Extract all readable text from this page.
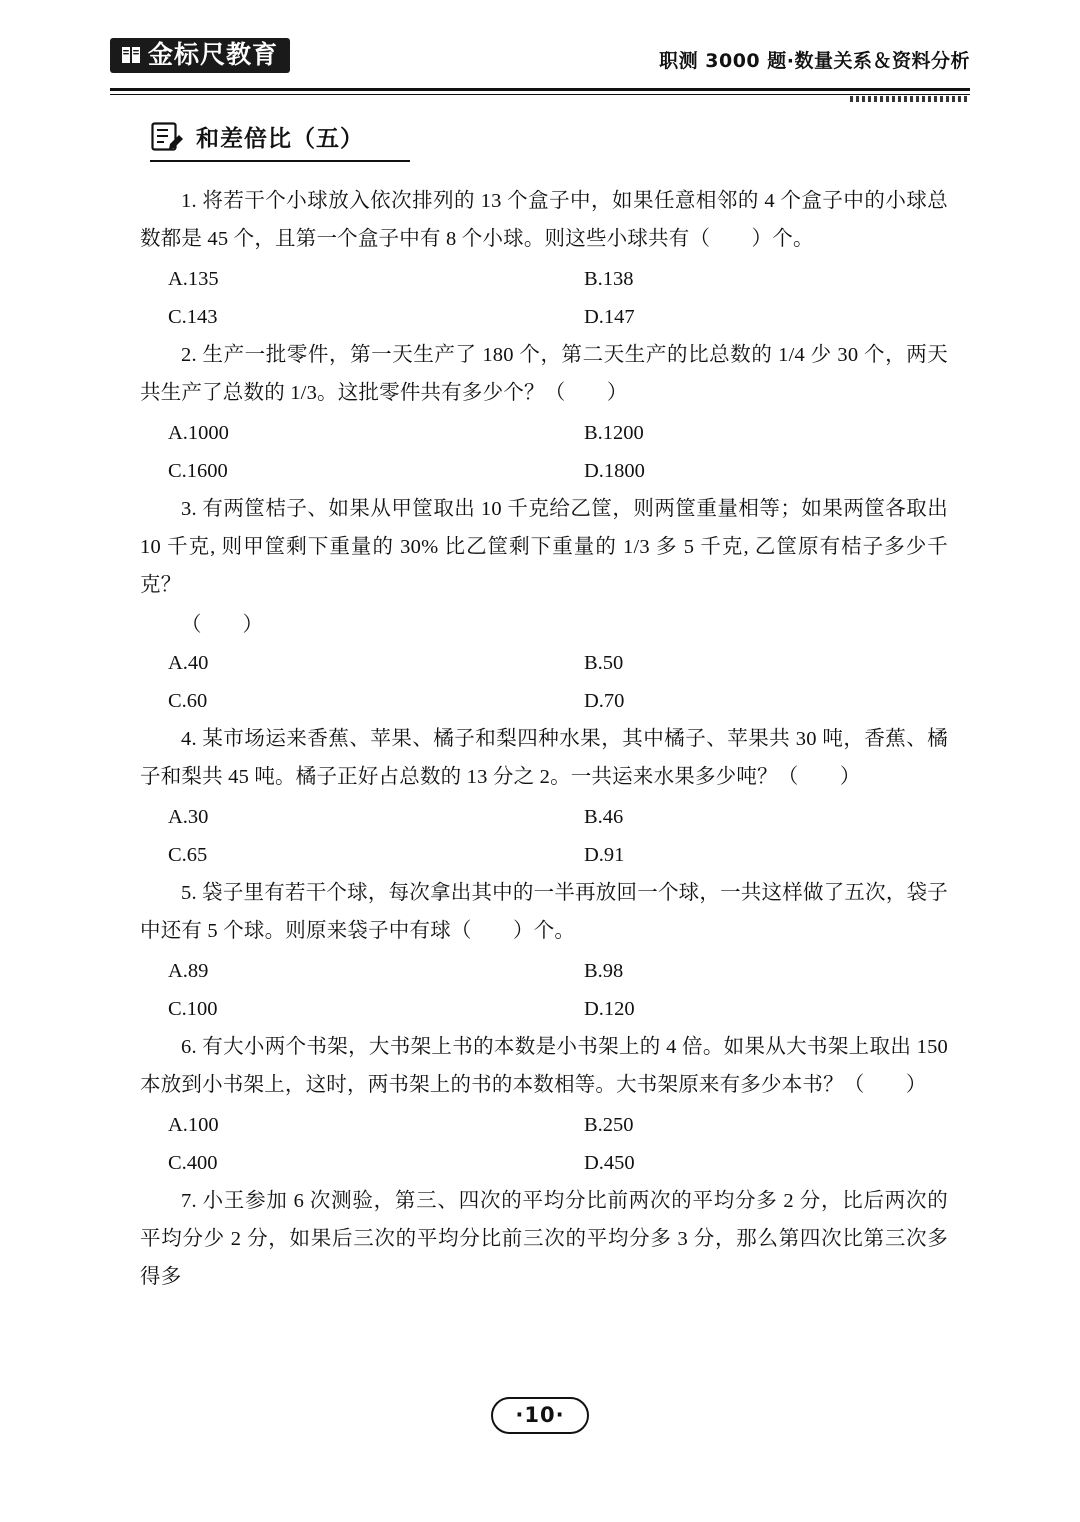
金标尺教育	职测 3000 题·数量关系＆资料分析
和差倍比（五）

1. 将若干个小球放入依次排列的 13 个盒子中，如果任意相邻的 4 个盒子中的小球总数都是 45 个，且第一个盒子中有 8 个小球。则这些小球共有（　　）个。

A.135	B.138
C.143	D.147

2. 生产一批零件，第一天生产了 180 个，第二天生产的比总数的 1/4 少 30 个，两天共生产了总数的 1/3。这批零件共有多少个？（　　）

A.1000	B.1200
C.1600	D.1800

3. 有两筐桔子、如果从甲筐取出 10 千克给乙筐，则两筐重量相等；如果两筐各取出 10 千克, 则甲筐剩下重量的 30% 比乙筐剩下重量的 1/3 多 5 千克, 乙筐原有桔子多少千克？

（　　）
A.40	B.50
C.60	D.70

4. 某市场运来香蕉、苹果、橘子和梨四种水果，其中橘子、苹果共 30 吨，香蕉、橘子和梨共 45 吨。橘子正好占总数的 13 分之 2。一共运来水果多少吨？（　　）

A.30	B.46
C.65	D.91

5. 袋子里有若干个球，每次拿出其中的一半再放回一个球，一共这样做了五次，袋子中还有 5 个球。则原来袋子中有球（　　）个。

A.89	B.98
C.100	D.120

6. 有大小两个书架，大书架上书的本数是小书架上的 4 倍。如果从大书架上取出 150 本放到小书架上，这时，两书架上的书的本数相等。大书架原来有多少本书？（　　）

A.100	B.250
C.400	D.450

7. 小王参加 6 次测验，第三、四次的平均分比前两次的平均分多 2 分，比后两次的平均分少 2 分，如果后三次的平均分比前三次的平均分多 3 分，那么第四次比第三次多得多

·10·
